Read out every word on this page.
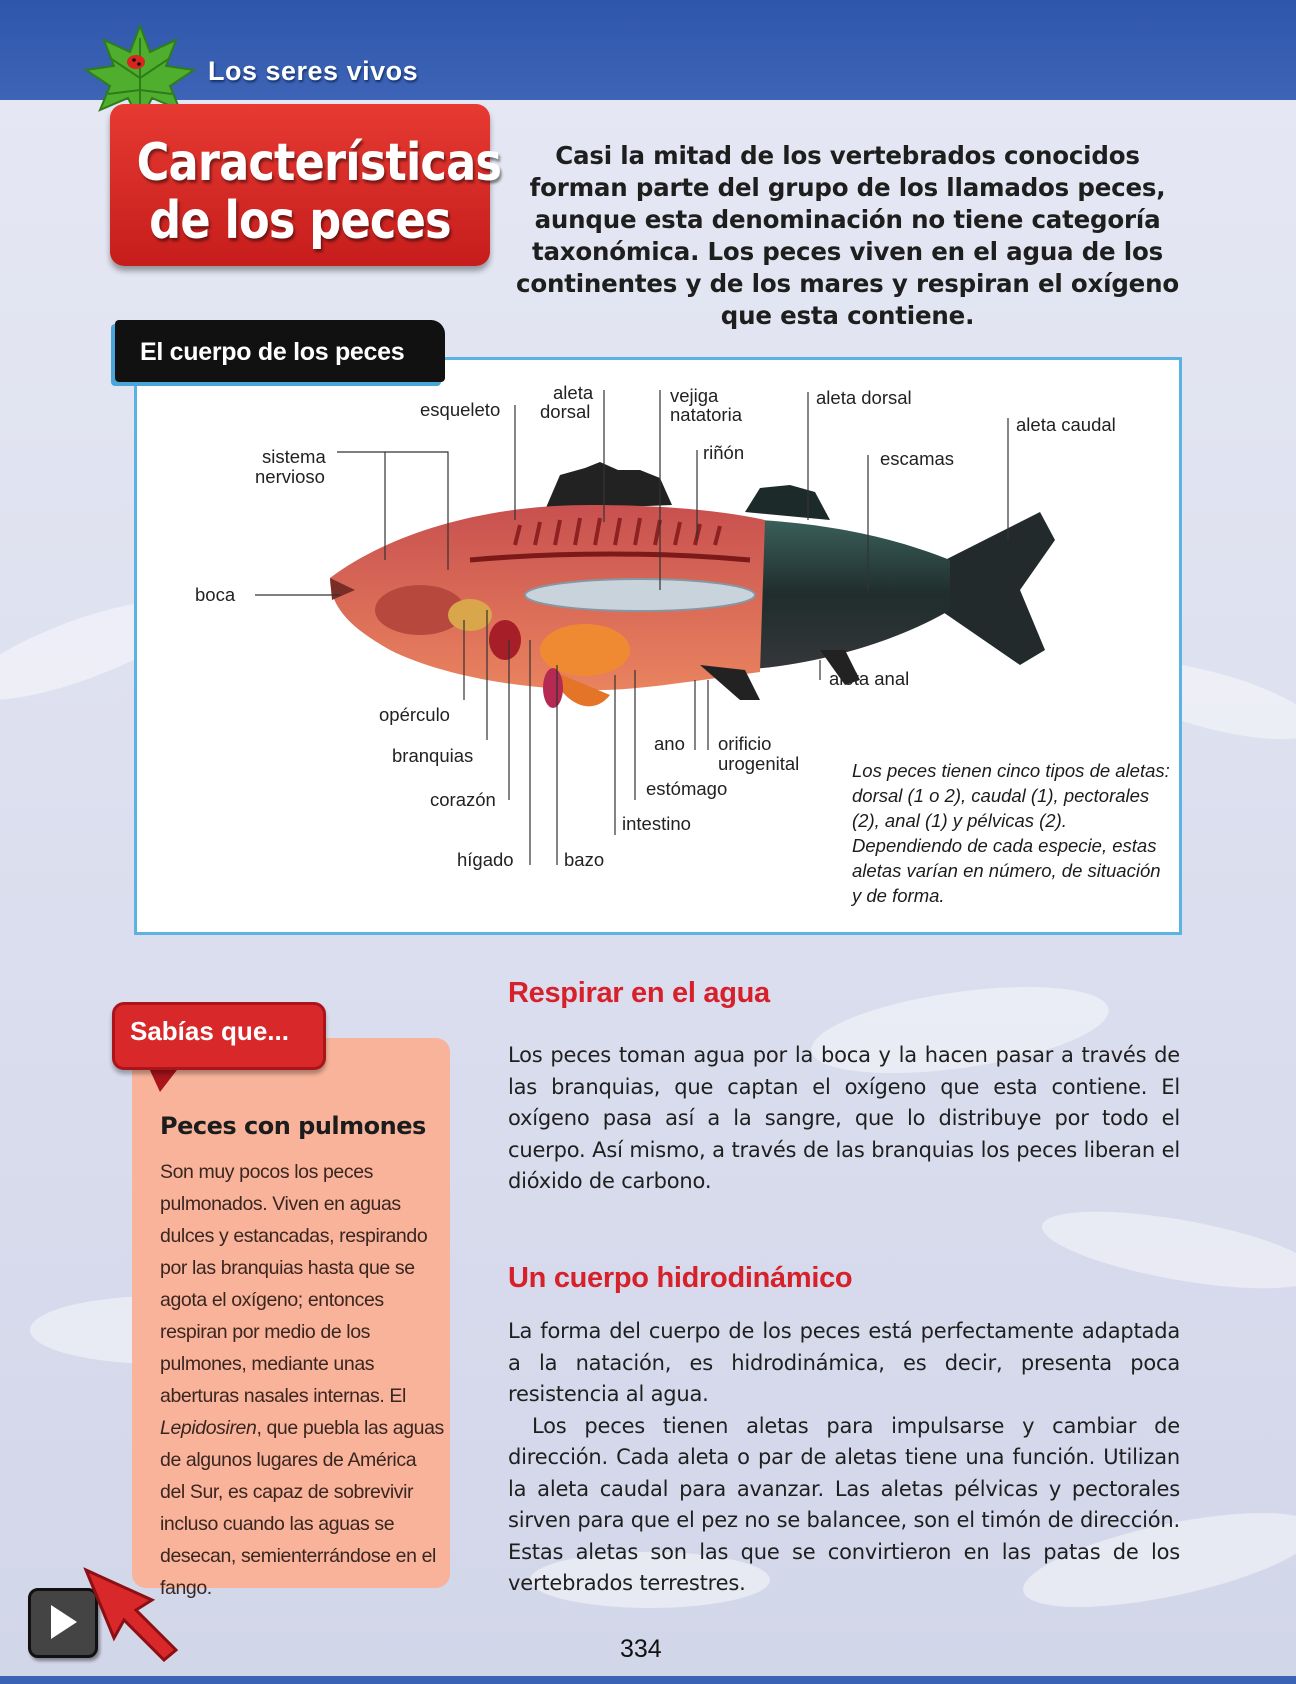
Los seres vivos
Características
de los peces
Casi la mitad de los vertebrados conocidos forman parte del grupo de los llamados peces, aunque esta denominación no tiene categoría taxonómica. Los peces viven en el agua de los continentes y de los mares y respiran el oxígeno que esta contiene.
El cuerpo de los peces
esqueleto
aleta
dorsal
vejiga
natatoria
aleta dorsal
aleta caudal
sistema
nervioso
riñón	escamas
boca
aleta anal
opérculo
branquias
ano orificio
urogenital
estómago
corazón
intestino
hígado	bazo
Los peces tienen cinco tipos de aletas: dorsal (1 o 2), caudal (1), pectorales (2), anal (1) y pélvicas (2). Dependiendo de cada especie, estas aletas varían en número, de situación y de forma.
Sabías que...
Peces con pulmones
Son muy pocos los peces pulmonados. Viven en aguas dulces y estancadas, respirando por las branquias hasta que se agota el oxígeno; entonces respiran por medio de los pulmones, mediante unas aberturas nasales internas. El Lepidosiren, que puebla las aguas de algunos lugares de América del Sur, es capaz de sobrevivir incluso cuando las aguas se desecan, semienterrándose en el fango.
Respirar en el agua

Los peces toman agua por la boca y la hacen pasar a través de las branquias, que captan el oxígeno que esta contiene. El oxígeno pasa así a la sangre, que lo distribuye por todo el cuerpo. Así mismo, a través de las branquias los peces liberan el dióxido de carbono.

Un cuerpo hidrodinámico

La forma del cuerpo de los peces está perfectamente adaptada a la natación, es hidrodinámica, es decir, presenta poca resistencia al agua.

Los peces tienen aletas para impulsarse y cambiar de dirección. Cada aleta o par de aletas tiene una función. Utilizan la aleta caudal para avanzar. Las aletas pélvicas y pectorales sirven para que el pez no se balancee, son el timón de dirección. Estas aletas son las que se convirtieron en las patas de los vertebrados terrestres.

334
